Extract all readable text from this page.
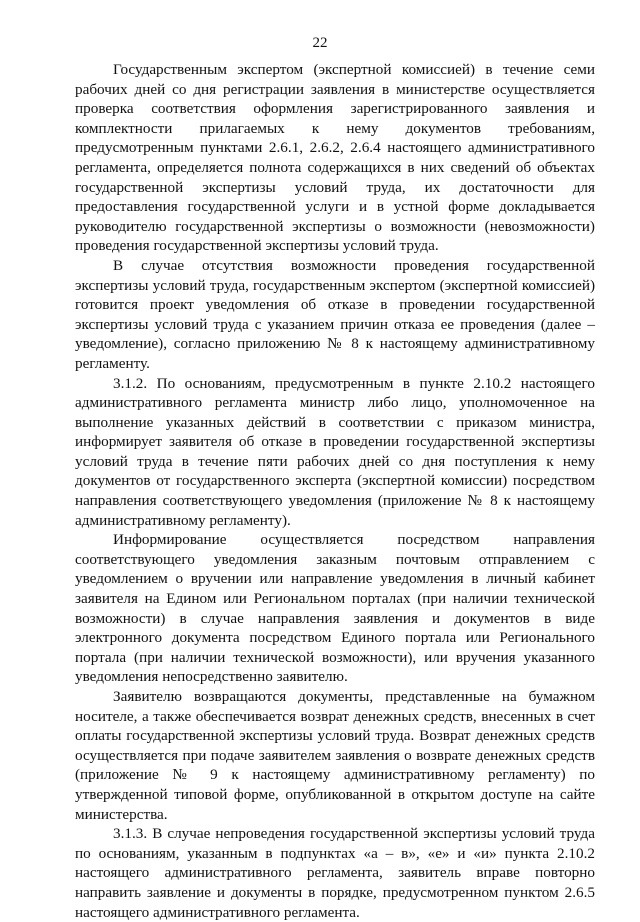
22

Государственным экспертом (экспертной комиссией) в течение семи рабочих дней со дня регистрации заявления в министерстве осуществляется проверка соответствия оформления зарегистрированного заявления и комплектности прилагаемых к нему документов требованиям, предусмотренным пунктами 2.6.1, 2.6.2, 2.6.4 настоящего административного регламента, определяется полнота содержащихся в них сведений об объектах государственной экспертизы условий труда, их достаточности для предоставления государственной услуги и в устной форме докладывается руководителю государственной экспертизы о возможности (невозможности) проведения государственной экспертизы условий труда.

В случае отсутствия возможности проведения государственной экспертизы условий труда, государственным экспертом (экспертной комиссией) готовится проект уведомления об отказе в проведении государственной экспертизы условий труда с указанием причин отказа ее проведения (далее – уведомление), согласно приложению № 8 к настоящему административному регламенту.

3.1.2. По основаниям, предусмотренным в пункте 2.10.2 настоящего административного регламента министр либо лицо, уполномоченное на выполнение указанных действий в соответствии с приказом министра, информирует заявителя об отказе в проведении государственной экспертизы условий труда в течение пяти рабочих дней со дня поступления к нему документов от государственного эксперта (экспертной комиссии) посредством направления соответствующего уведомления (приложение № 8 к настоящему административному регламенту).

Информирование осуществляется посредством направления соответствующего уведомления заказным почтовым отправлением с уведомлением о вручении или направление уведомления в личный кабинет заявителя на Едином или Региональном порталах (при наличии технической возможности) в случае направления заявления и документов в виде электронного документа посредством Единого портала или Регионального портала (при наличии технической возможности), или вручения указанного уведомления непосредственно заявителю.

Заявителю возвращаются документы, представленные на бумажном носителе, а также обеспечивается возврат денежных средств, внесенных в счет оплаты государственной экспертизы условий труда. Возврат денежных средств осуществляется при подаче заявителем заявления о возврате денежных средств (приложение № 9 к настоящему административному регламенту) по утвержденной типовой форме, опубликованной в открытом доступе на сайте министерства.

3.1.3. В случае непроведения государственной экспертизы условий труда по основаниям, указанным в подпунктах «а – в», «е» и «и» пункта 2.10.2 настоящего административного регламента, заявитель вправе повторно направить заявление и документы в порядке, предусмотренном пунктом 2.6.5 настоящего административного регламента.
